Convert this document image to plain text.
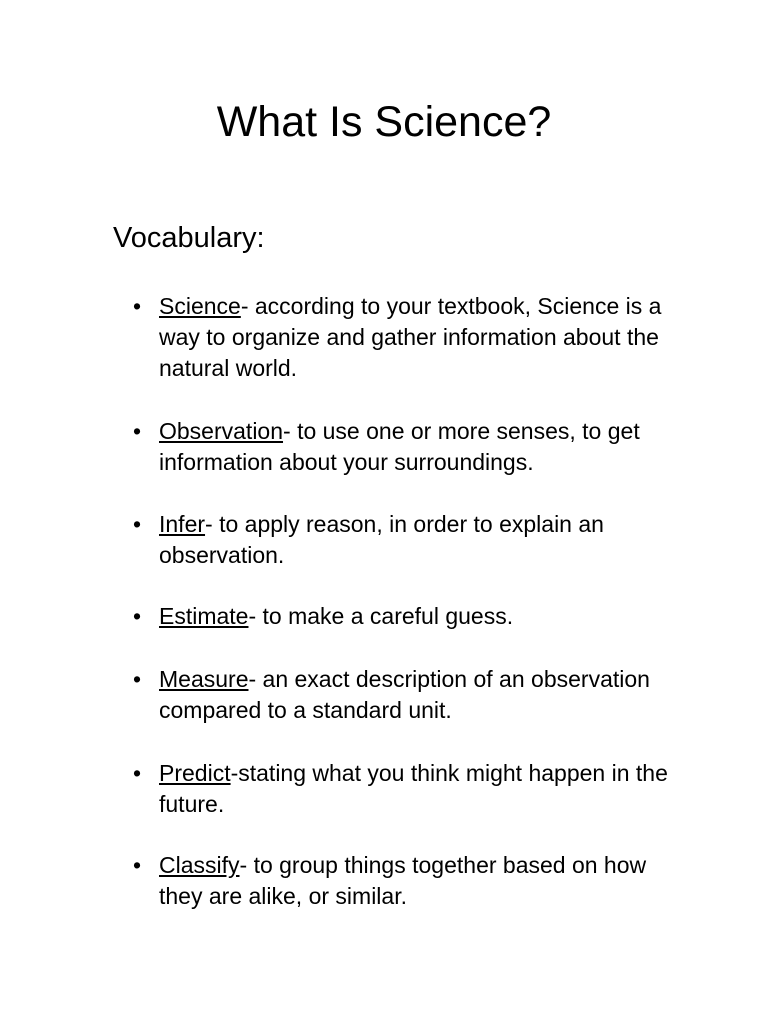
What Is Science?
Vocabulary:
• Science- according to your textbook, Science is a way to organize and gather information about the natural world.
• Observation- to use one or more senses, to get information about your surroundings.
• Infer- to apply reason, in order to explain an observation.
• Estimate- to make a careful guess.
• Measure- an exact description of an observation compared to a standard unit.
• Predict-stating what you think might happen in the future.
• Classify- to group things together based on how they are alike, or similar.
